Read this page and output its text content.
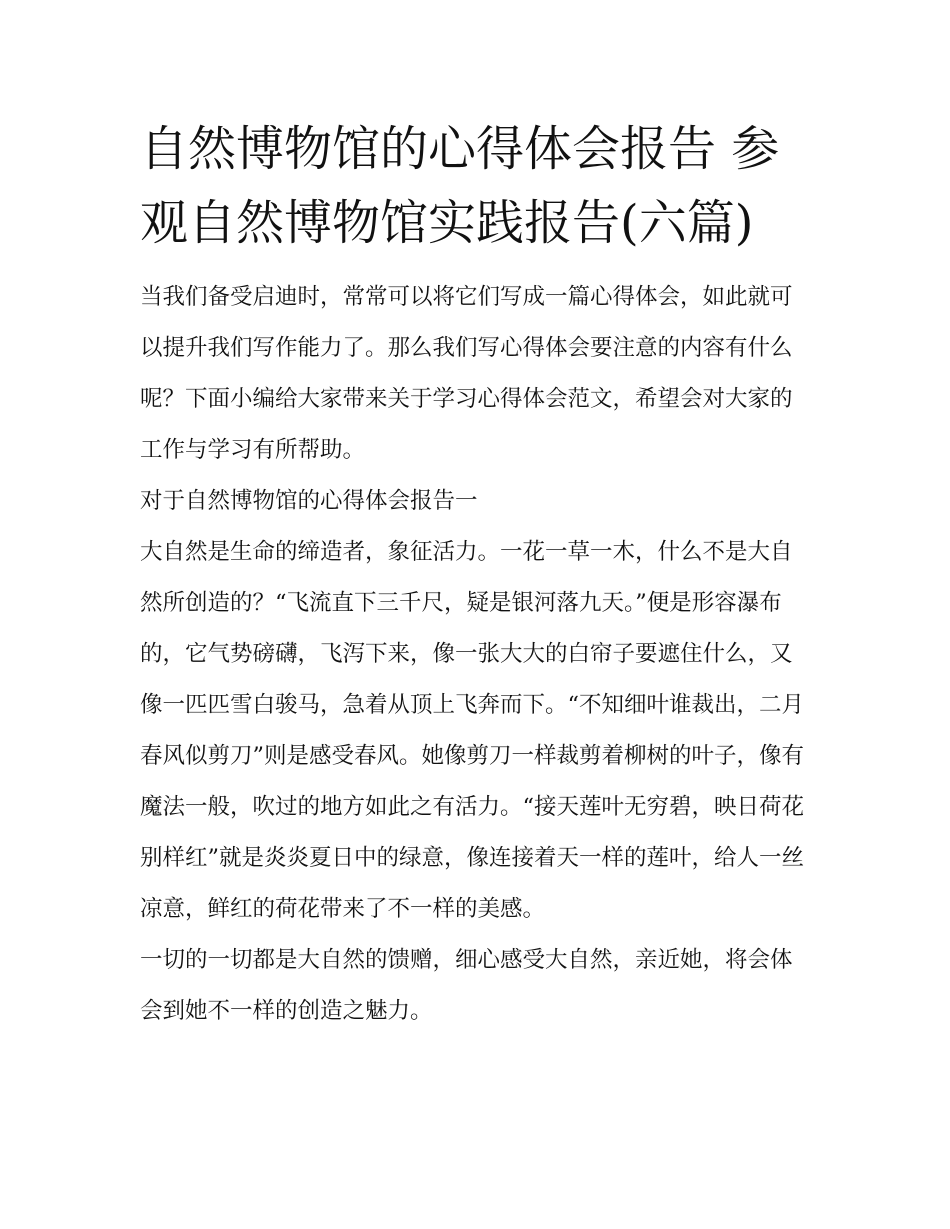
自然博物馆的心得体会报告 参观自然博物馆实践报告(六篇)

当我们备受启迪时，常常可以将它们写成一篇心得体会，如此就可以提升我们写作能力了。那么我们写心得体会要注意的内容有什么呢？下面小编给大家带来关于学习心得体会范文，希望会对大家的工作与学习有所帮助。

对于自然博物馆的心得体会报告一

大自然是生命的缔造者，象征活力。一花一草一木，什么不是大自然所创造的？“飞流直下三千尺，疑是银河落九天。”便是形容瀑布的，它气势磅礴，飞泻下来，像一张大大的白帘子要遮住什么，又像一匹匹雪白骏马，急着从顶上飞奔而下。“不知细叶谁裁出，二月春风似剪刀”则是感受春风。她像剪刀一样裁剪着柳树的叶子，像有魔法一般，吹过的地方如此之有活力。“接天莲叶无穷碧，映日荷花别样红”就是炎炎夏日中的绿意，像连接着天一样的莲叶，给人一丝凉意，鲜红的荷花带来了不一样的美感。

一切的一切都是大自然的馈赠，细心感受大自然，亲近她，将会体会到她不一样的创造之魅力。
